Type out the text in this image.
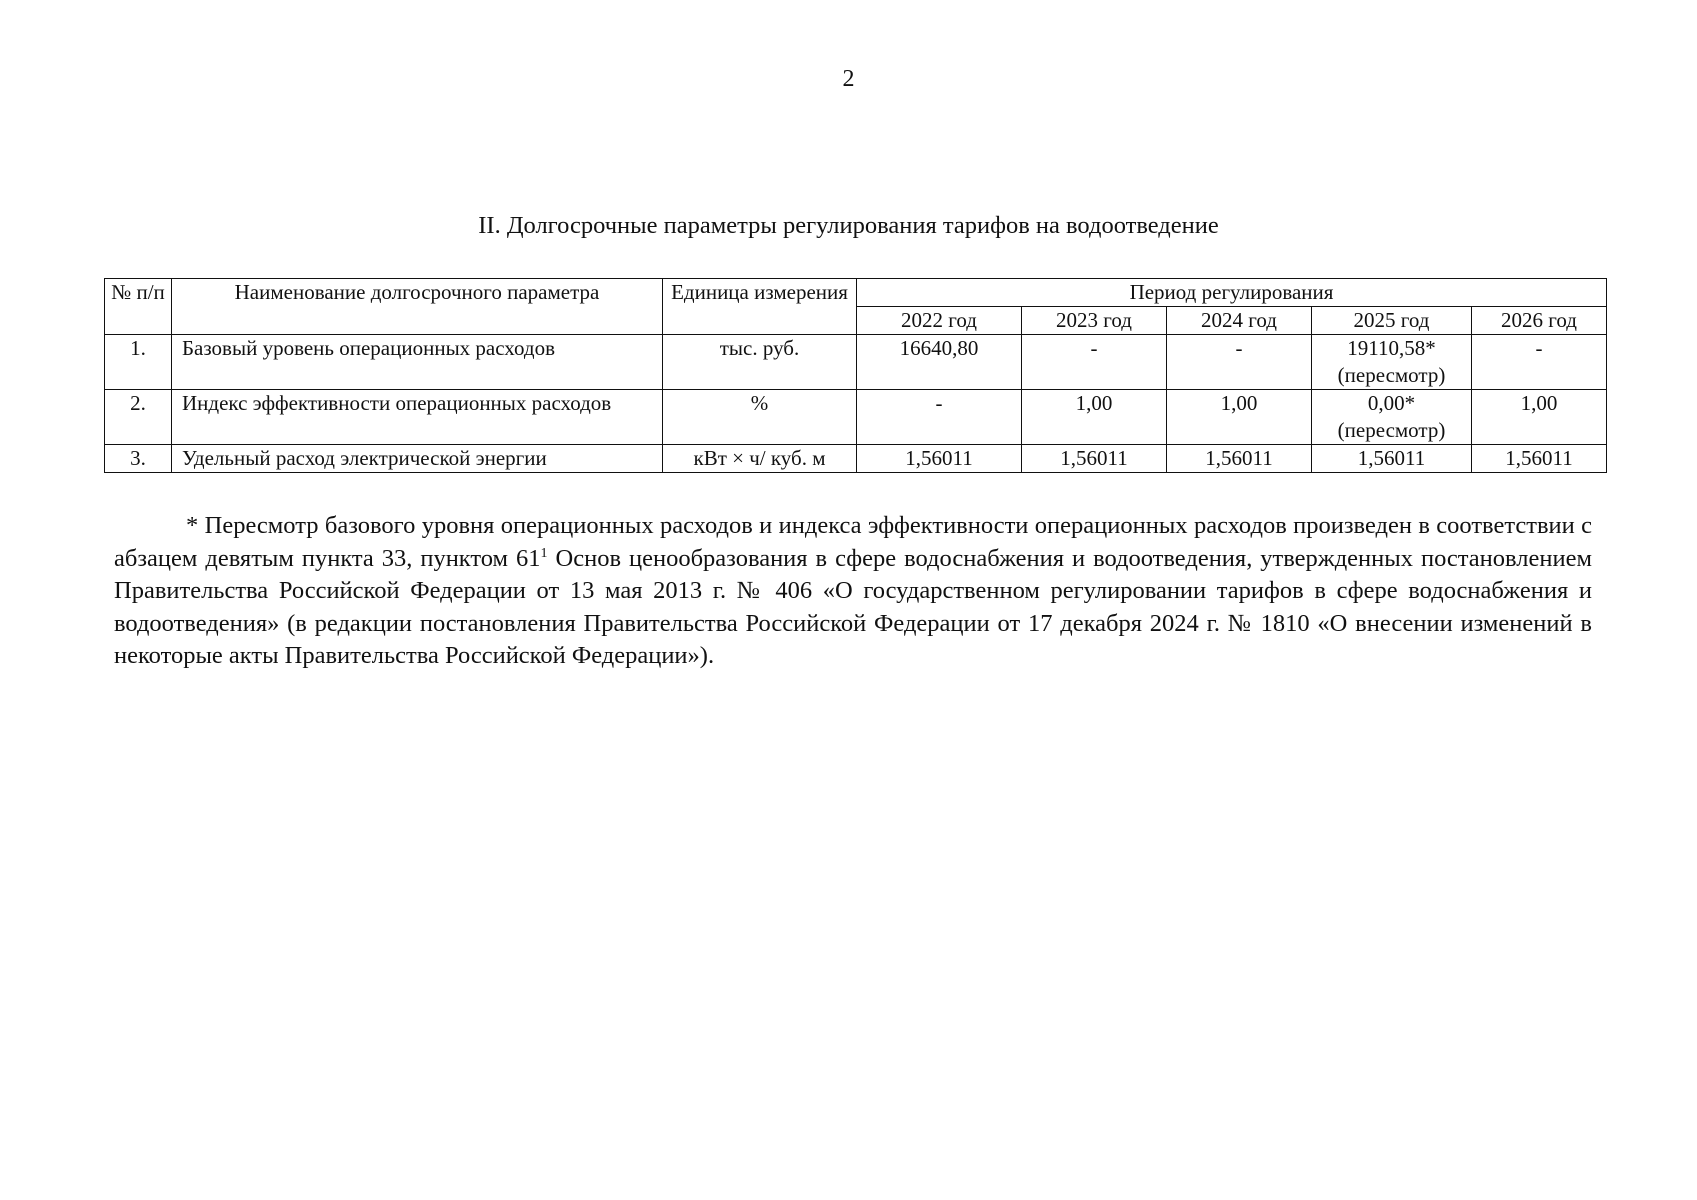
2
II. Долгосрочные параметры регулирования тарифов на водоотведение
№ п/п	Наименование долгосрочного параметра	Единица измерения	Период регулирования				
			2022 год	2023 год	2024 год	2025 год	2026 год
1.	Базовый уровень операционных расходов	тыс. руб.	16640,80	-	-	19110,58* (пересмотр)	-
2.	Индекс эффективности операционных расходов	%	-	1,00	1,00	0,00* (пересмотр)	1,00
3.	Удельный расход электрической энергии	кВт × ч/ куб. м	1,56011	1,56011	1,56011	1,56011	1,56011
* Пересмотр базового уровня операционных расходов и индекса эффективности операционных расходов произведен в соответствии с абзацем девятым пункта 33, пунктом $61^1$ Основ ценообразования в сфере водоснабжения и водоотведения, утвержденных постановлением Правительства Российской Федерации от 13 мая 2013 г. № 406 «О государственном регулировании тарифов в сфере водоснабжения и водоотведения» (в редакции постановления Правительства Российской Федерации от 17 декабря 2024 г. № 1810 «О внесении изменений в некоторые акты Правительства Российской Федерации»).
